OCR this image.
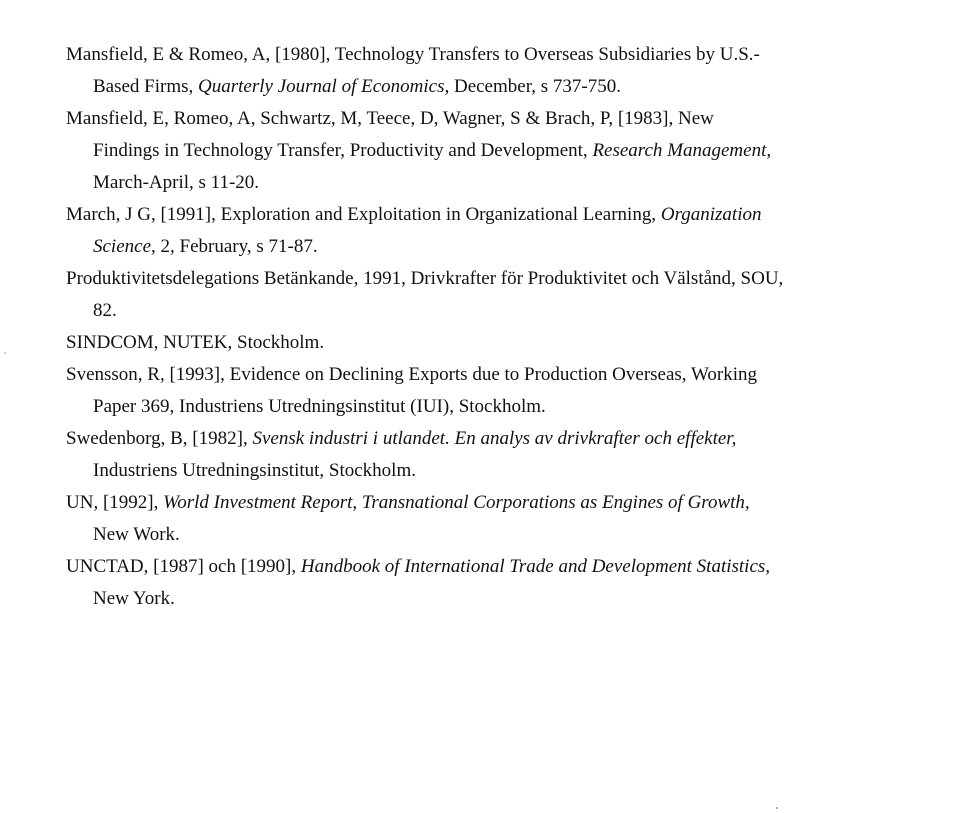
Mansfield, E & Romeo, A, [1980], Technology Transfers to Overseas Subsidiaries by U.S.-
Based Firms, Quarterly Journal of Economics, December, s 737-750.
Mansfield, E, Romeo, A, Schwartz, M, Teece, D, Wagner, S & Brach, P, [1983], New
Findings in Technology Transfer, Productivity and Development, Research Management,
March-April, s 11-20.
March, J G, [1991], Exploration and Exploitation in Organizational Learning, Organization
Science, 2, February, s 71-87.
Produktivitetsdelegations Betänkande, 1991, Drivkrafter för Produktivitet och Välstånd, SOU,
82.
SINDCOM, NUTEK, Stockholm.
Svensson, R, [1993], Evidence on Declining Exports due to Production Overseas, Working
Paper 369, Industriens Utredningsinstitut (IUI), Stockholm.
Swedenborg, B, [1982], Svensk industri i utlandet. En analys av drivkrafter och effekter,
Industriens Utredningsinstitut, Stockholm.
UN, [1992], World Investment Report, Transnational Corporations as Engines of Growth,
New Work.
UNCTAD, [1987] och [1990], Handbook of International Trade and Development Statistics,
New York.
